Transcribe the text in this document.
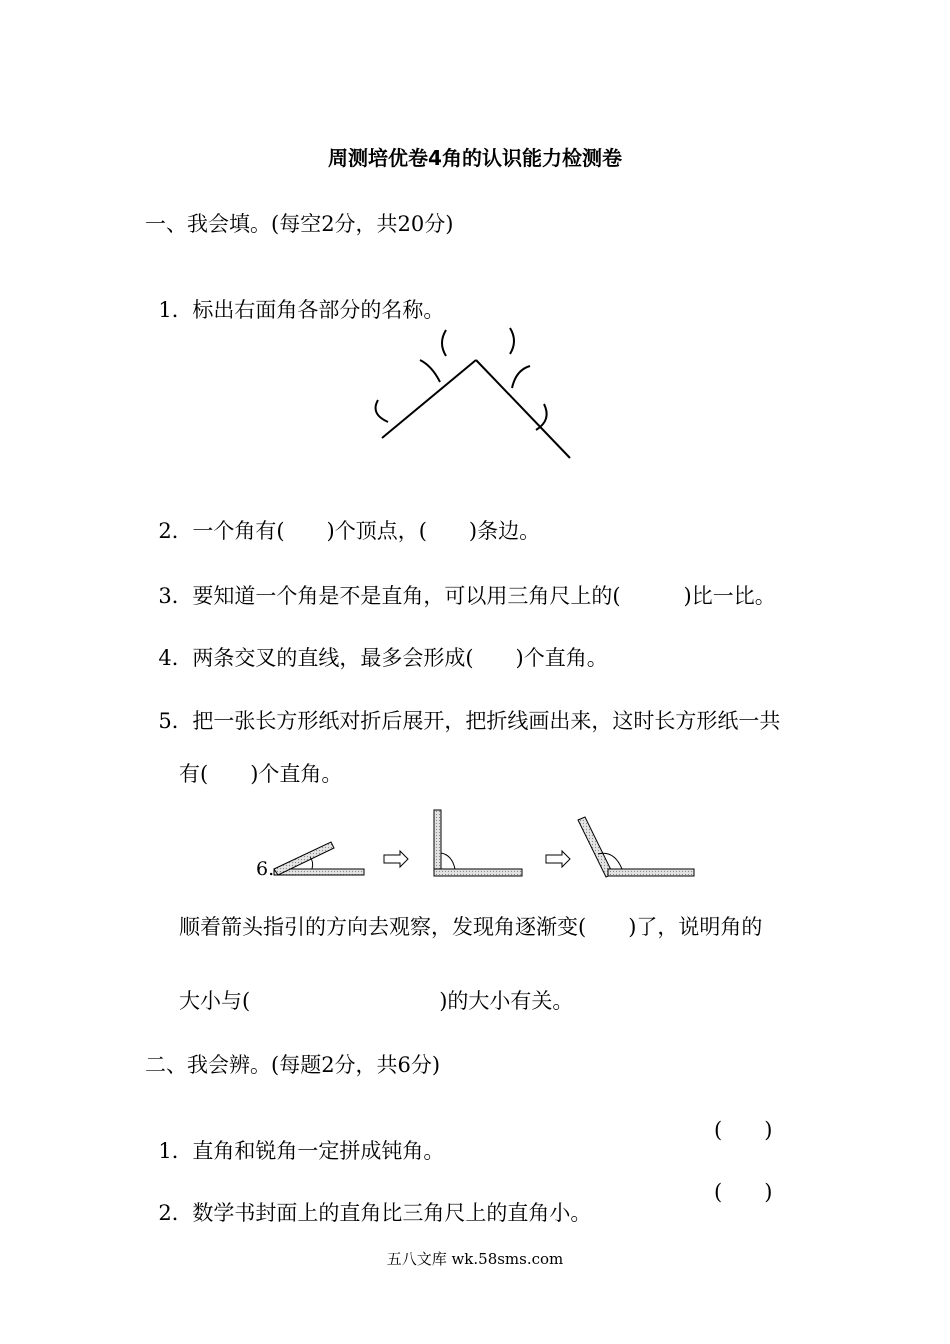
周测培优卷4角的认识能力检测卷
一、我会填。(每空2分，共20分)

1．标出右面角各部分的名称。

2．一个角有(　　)个顶点，(　　)条边。

3．要知道一个角是不是直角，可以用三角尺上的(　　　)比一比。

4．两条交叉的直线，最多会形成(　　)个直角。

5．把一张长方形纸对折后展开，把折线画出来，这时长方形纸一共

有(　　)个直角。
6.
顺着箭头指引的方向去观察，发现角逐渐变(　　)了，说明角的
大小与(　　　　　　　　　)的大小有关。
二、我会辨。(每题2分，共6分)

1．直角和锐角一定拼成钝角。

(　　)

2．数学书封面上的直角比三角尺上的直角小。

(　　)
五八文库 wk.58sms.com
